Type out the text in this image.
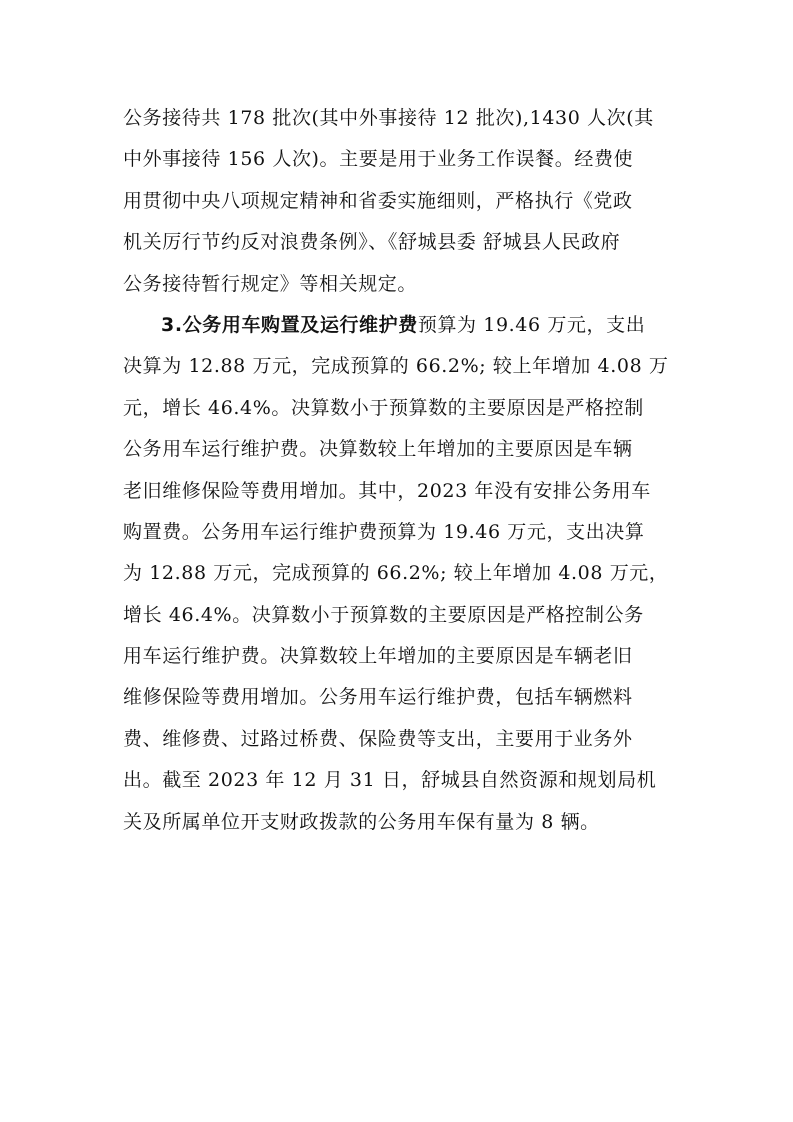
公务接待共 178 批次(其中外事接待 12 批次),1430 人次(其
中外事接待 156 人次)。主要是用于业务工作误餐。经费使
用贯彻中央八项规定精神和省委实施细则，严格执行《党政
机关厉行节约反对浪费条例》、《舒城县委 舒城县人民政府
公务接待暂行规定》等相关规定。
3.公务用车购置及运行维护费预算为 19.46 万元，支出
决算为 12.88 万元，完成预算的 66.2%; 较上年增加 4.08 万
元，增长 46.4%。决算数小于预算数的主要原因是严格控制
公务用车运行维护费。决算数较上年增加的主要原因是车辆
老旧维修保险等费用增加。其中，2023 年没有安排公务用车
购置费。公务用车运行维护费预算为 19.46 万元，支出决算
为 12.88 万元，完成预算的 66.2%; 较上年增加 4.08 万元，
增长 46.4%。决算数小于预算数的主要原因是严格控制公务
用车运行维护费。决算数较上年增加的主要原因是车辆老旧
维修保险等费用增加。公务用车运行维护费，包括车辆燃料
费、维修费、过路过桥费、保险费等支出，主要用于业务外
出。截至 2023 年 12 月 31 日，舒城县自然资源和规划局机
关及所属单位开支财政拨款的公务用车保有量为 8 辆。
